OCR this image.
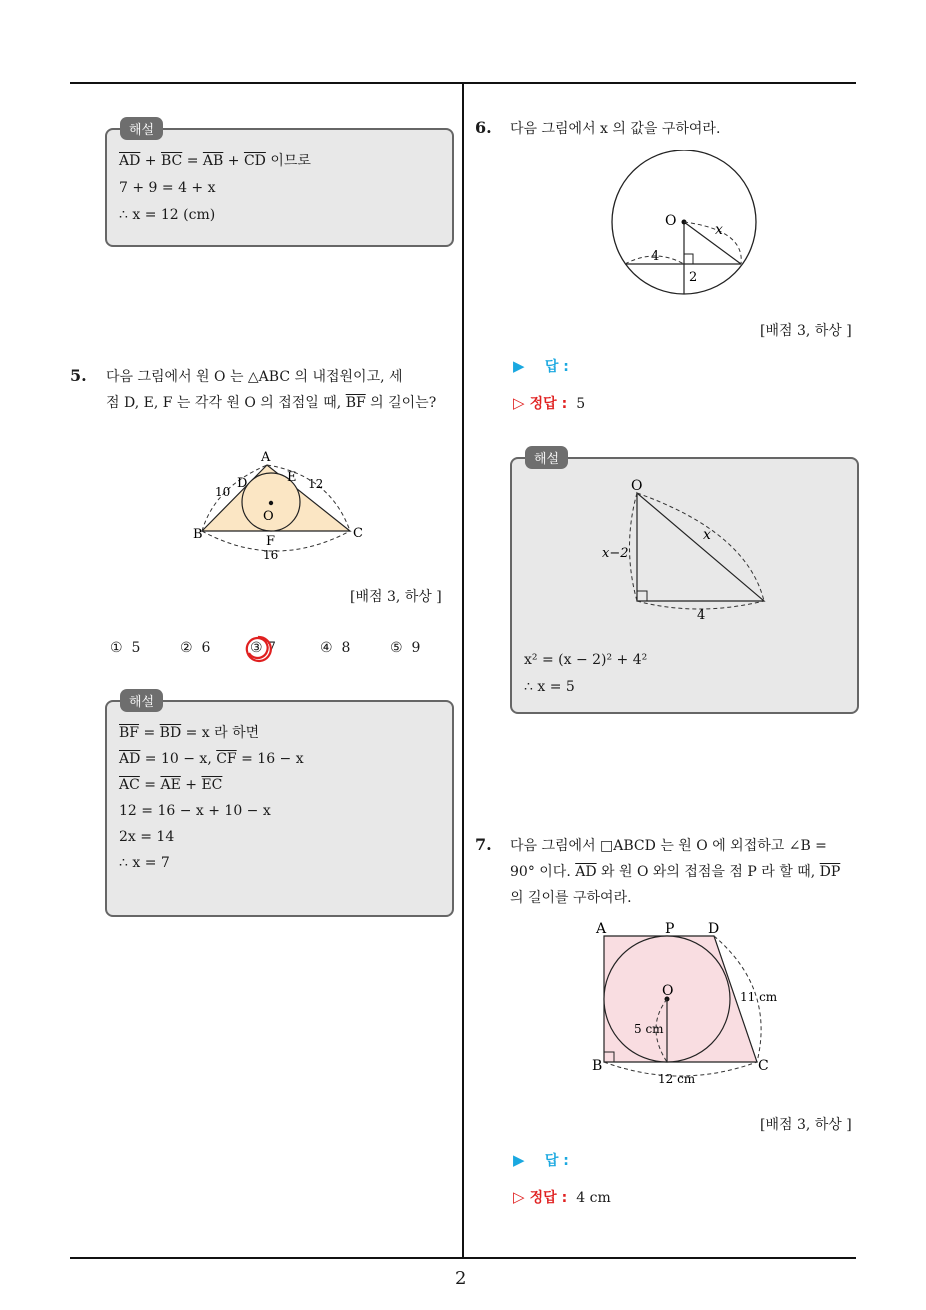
2
$\overline{AD} + \overline{BC} = \overline{AB} + \overline{CD}$ 이므로
7 + 9 = 4 + x
∴ x = 12 (cm)
해설
5. 다음 그림에서 원 O 는 △ABC 의 내접원이고, 세
점 D, E, F 는 각각 원 O 의 접점일 때, $\overline{BF}$ 의 길이는?
A
B	C
D	E
F
O
10
12
16
[배점 3, 하상 ]
① 5	② 6	③ 7	④ 8	⑤ 9
$\overline{BF} = \overline{BD} = x$ 라 하면
$\overline{AD} = 10 - x$, $\overline{CF} = 16 - x$
$\overline{AC} = \overline{AE} + \overline{EC}$
12 = 16 − x + 10 − x
2x = 14
∴ x = 7
해설
6. 다음 그림에서 x 의 값을 구하여라.
O
x
4
2
[배점 3, 하상 ]
▶ 답 :
▷ 정답 : 5
O
x
x−2
4
x² = (x − 2)² + 4²
∴ x = 5
해설
7. 다음 그림에서 □ABCD 는 원 O 에 외접하고 ∠B =
90° 이다. $\overline{AD}$ 와 원 O 와의 접점을 점 P 라 할 때, $\overline{DP}$
의 길이를 구하여라.
A	P D
B	C
O
5 cm
11 cm
12 cm
[배점 3, 하상 ]
▶ 답 :
▷ 정답 : 4 cm
